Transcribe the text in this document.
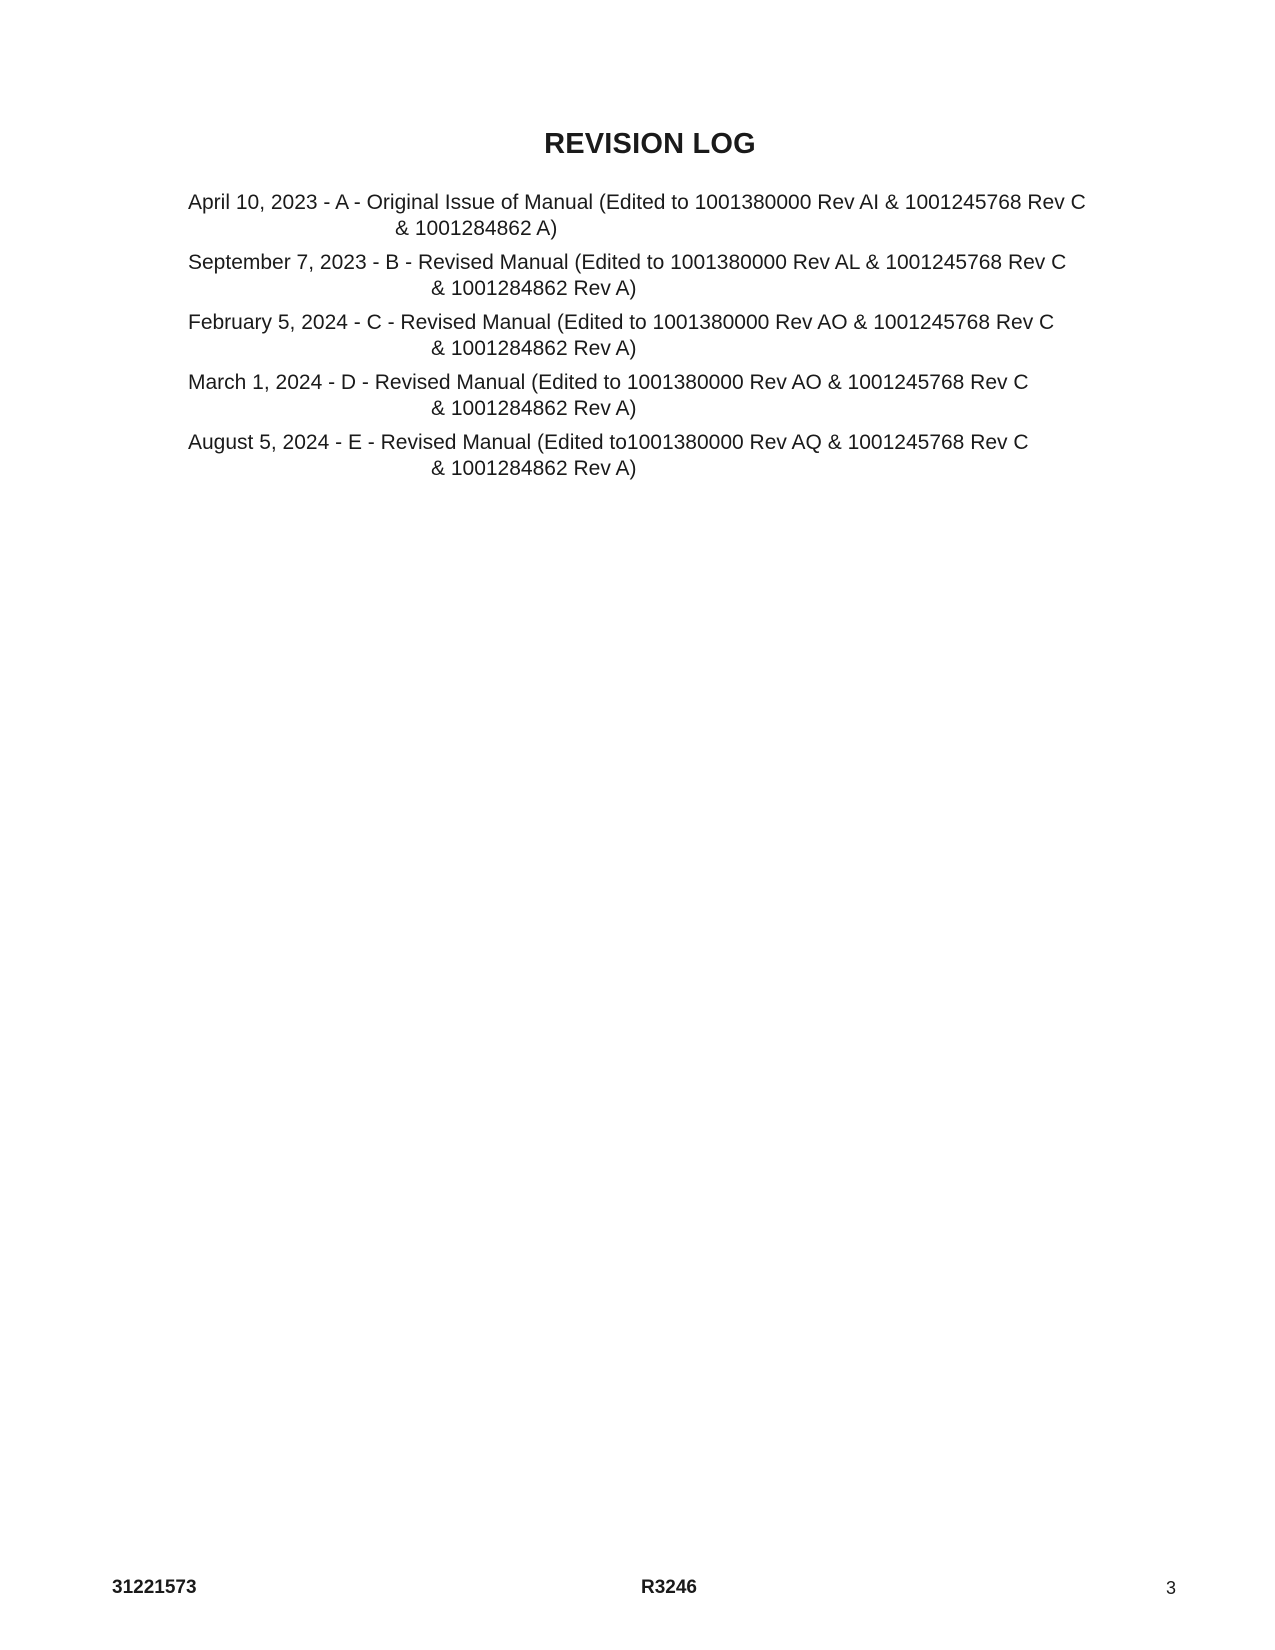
REVISION LOG
April 10, 2023 - A - Original Issue of Manual (Edited to 1001380000 Rev AI & 1001245768 Rev C
& 1001284862 A)
September 7, 2023 - B - Revised Manual (Edited to 1001380000 Rev AL & 1001245768 Rev C
& 1001284862 Rev A)
February 5, 2024 - C - Revised Manual (Edited to 1001380000 Rev AO & 1001245768 Rev C
& 1001284862 Rev A)
March 1, 2024 - D - Revised Manual (Edited to 1001380000 Rev AO & 1001245768 Rev C
& 1001284862 Rev A)
August 5, 2024 - E - Revised Manual (Edited to1001380000 Rev AQ & 1001245768 Rev C
& 1001284862 Rev A)
31221573	R3246	3
